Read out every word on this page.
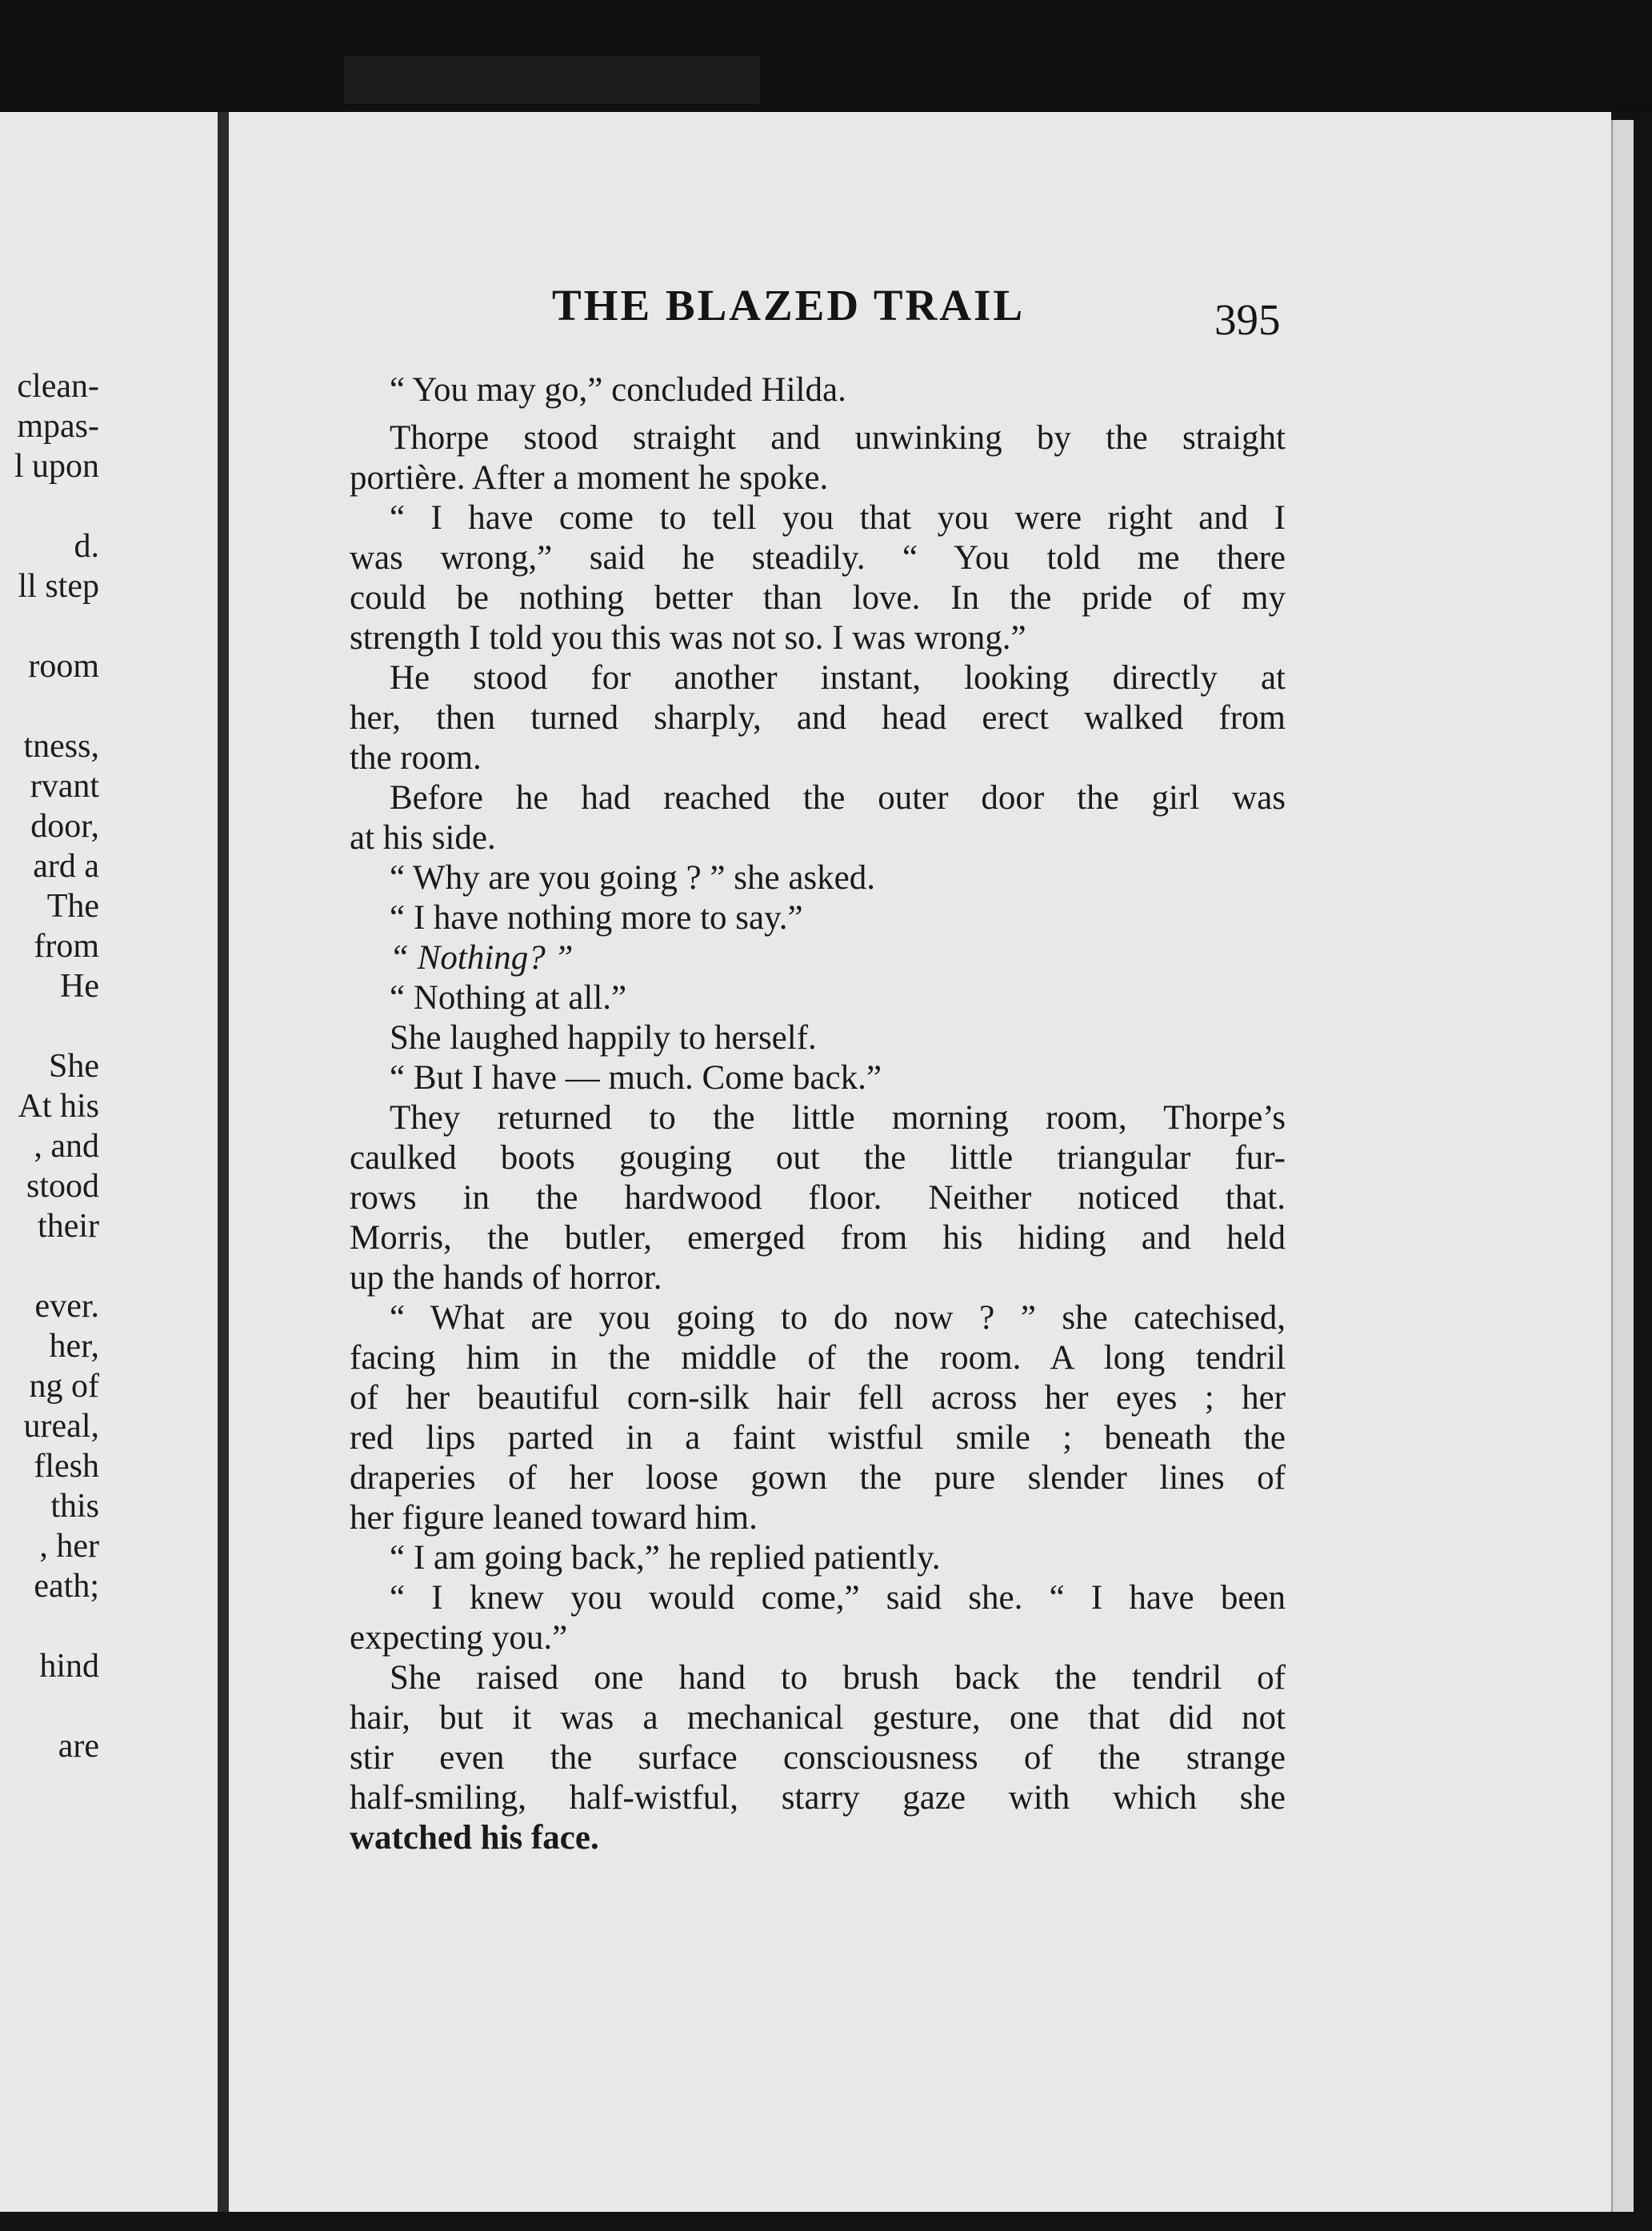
clean-
mpas-
l upon
d.
ll step
room
tness,
rvant
door,
ard a
The
from
He
She
At his
, and
stood
their
ever.
her,
ng of
ureal,
flesh
this
, her
eath;
hind
are
THE BLAZED TRAIL	395
“ You may go,” concluded Hilda.
Thorpe stood straight and unwinking by the straight
portière. After a moment he spoke.
“ I have come to tell you that you were right and I
was wrong,” said he steadily. “ You told me there
could be nothing better than love. In the pride of my
strength I told you this was not so. I was wrong.”
He stood for another instant, looking directly at
her, then turned sharply, and head erect walked from
the room.
Before he had reached the outer door the girl was
at his side.
“ Why are you going ? ” she asked.
“ I have nothing more to say.”
“ Nothing? ”
“ Nothing at all.”
She laughed happily to herself.
“ But I have — much. Come back.”
They returned to the little morning room, Thorpe’s
caulked boots gouging out the little triangular fur-
rows in the hardwood floor. Neither noticed that.
Morris, the butler, emerged from his hiding and held
up the hands of horror.
“ What are you going to do now ? ” she catechised,
facing him in the middle of the room. A long tendril
of her beautiful corn-silk hair fell across her eyes ; her
red lips parted in a faint wistful smile ; beneath the
draperies of her loose gown the pure slender lines of
her figure leaned toward him.
“ I am going back,” he replied patiently.
“ I knew you would come,” said she. “ I have been
expecting you.”
She raised one hand to brush back the tendril of
hair, but it was a mechanical gesture, one that did not
stir even the surface consciousness of the strange
half-smiling, half-wistful, starry gaze with which she
watched his face.
